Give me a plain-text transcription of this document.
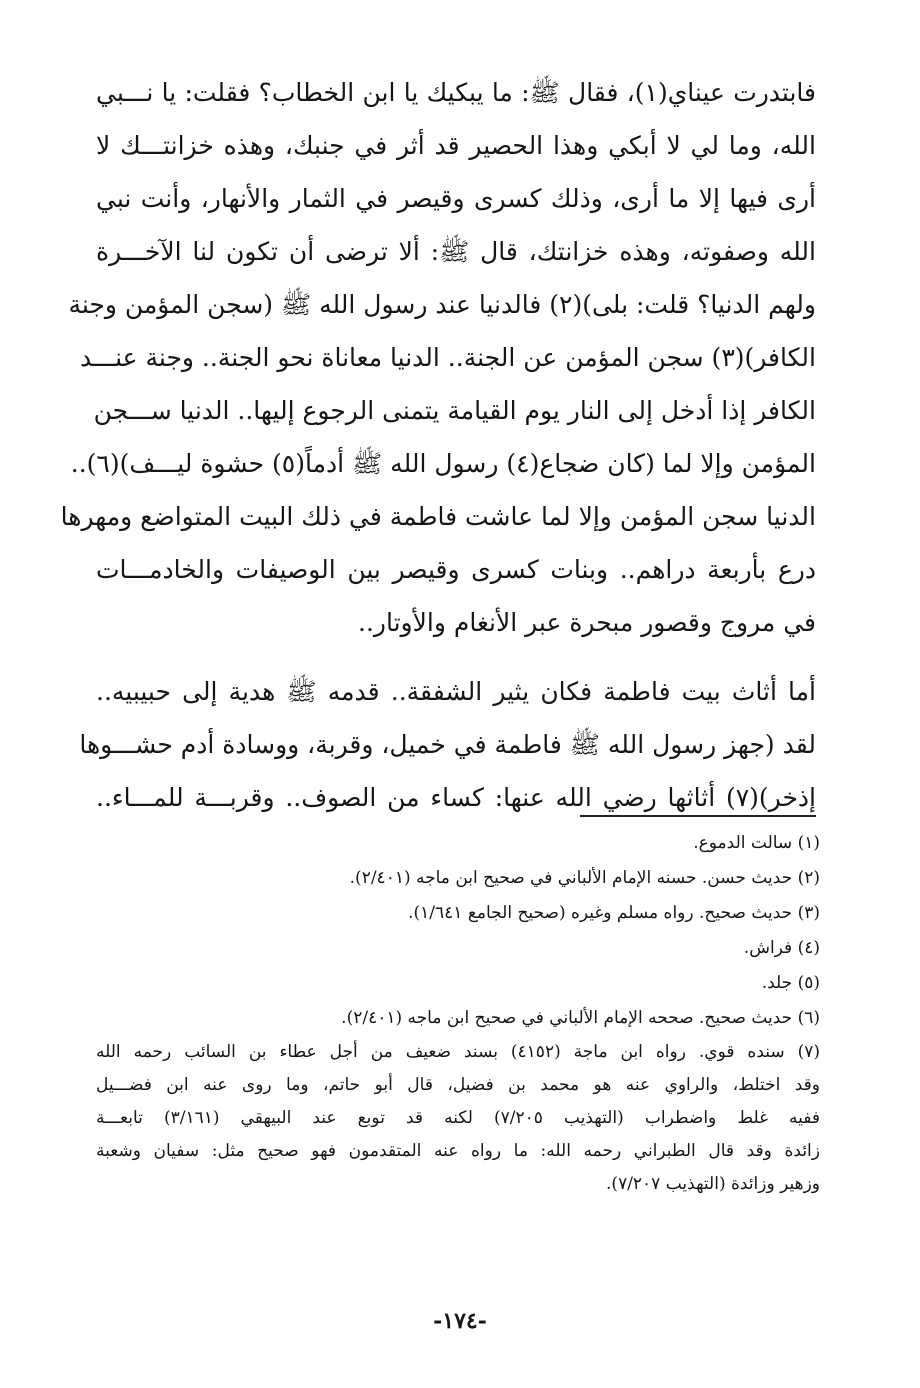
فابتدرت عيناي(١)، فقال ﷺ: ما يبكيك يا ابن الخطاب؟ فقلت: يا نـــبي
الله، وما لي لا أبكي وهذا الحصير قد أثر في جنبك، وهذه خزانتـــك لا
أرى فيها إلا ما أرى، وذلك كسرى وقيصر في الثمار والأنهار، وأنت نبي
الله وصفوته، وهذه خزانتك، قال ﷺ: ألا ترضى أن تكون لنا الآخـــرة
ولهم الدنيا؟ قلت: بلى)(٢) فالدنيا عند رسول الله ﷺ (سجن المؤمن وجنة
الكافر)(٣) سجن المؤمن عن الجنة.. الدنيا معاناة نحو الجنة.. وجنة عنـــد
الكافر إذا أدخل إلى النار يوم القيامة يتمنى الرجوع إليها.. الدنيا ســـجن
المؤمن وإلا لما (كان ضجاع(٤) رسول الله ﷺ أدماً(٥) حشوة ليـــف)(٦)..
الدنيا سجن المؤمن وإلا لما عاشت فاطمة في ذلك البيت المتواضع ومهرها
درع بأربعة دراهم.. وبنات كسرى وقيصر بين الوصيفات والخادمـــات
في مروج وقصور مبحرة عبر الأنغام والأوتار..
أما أثاث بيت فاطمة فكان يثير الشفقة.. قدمه ﷺ هدية إلى حبيبيه..
لقد (جهز رسول الله ﷺ فاطمة في خميل، وقربة، ووسادة أدم حشـــوها
إذخر)(٧) أثاثها رضي الله عنها: كساء من الصوف.. وقربـــة للمـــاء..
(١) سالت الدموع.
(٢) حديث حسن. حسنه الإمام الألباني في صحيح ابن ماجه (٢/٤٠١).
(٣) حديث صحيح. رواه مسلم وغيره (صحيح الجامع ١/٦٤١).
(٤) فراش.
(٥) جلد.
(٦) حديث صحيح. صححه الإمام الألباني في صحيح ابن ماجه (٢/٤٠١).
(٧) سنده قوي. رواه ابن ماجة (٤١٥٢) بسند ضعيف من أجل عطاء بن السائب رحمه الله
وقد اختلط، والراوي عنه هو محمد بن فضيل، قال أبو حاتم، وما روى عنه ابن فضـــيل
ففيه غلط واضطراب (التهذيب ٧/٢٠٥) لكنه قد توبع عند البيهقي (٣/١٦١) تابعـــة
زائدة وقد قال الطبراني رحمه الله: ما رواه عنه المتقدمون فهو صحيح مثل: سفيان وشعبة
وزهير وزائدة (التهذيب ٧/٢٠٧).
-١٧٤-
